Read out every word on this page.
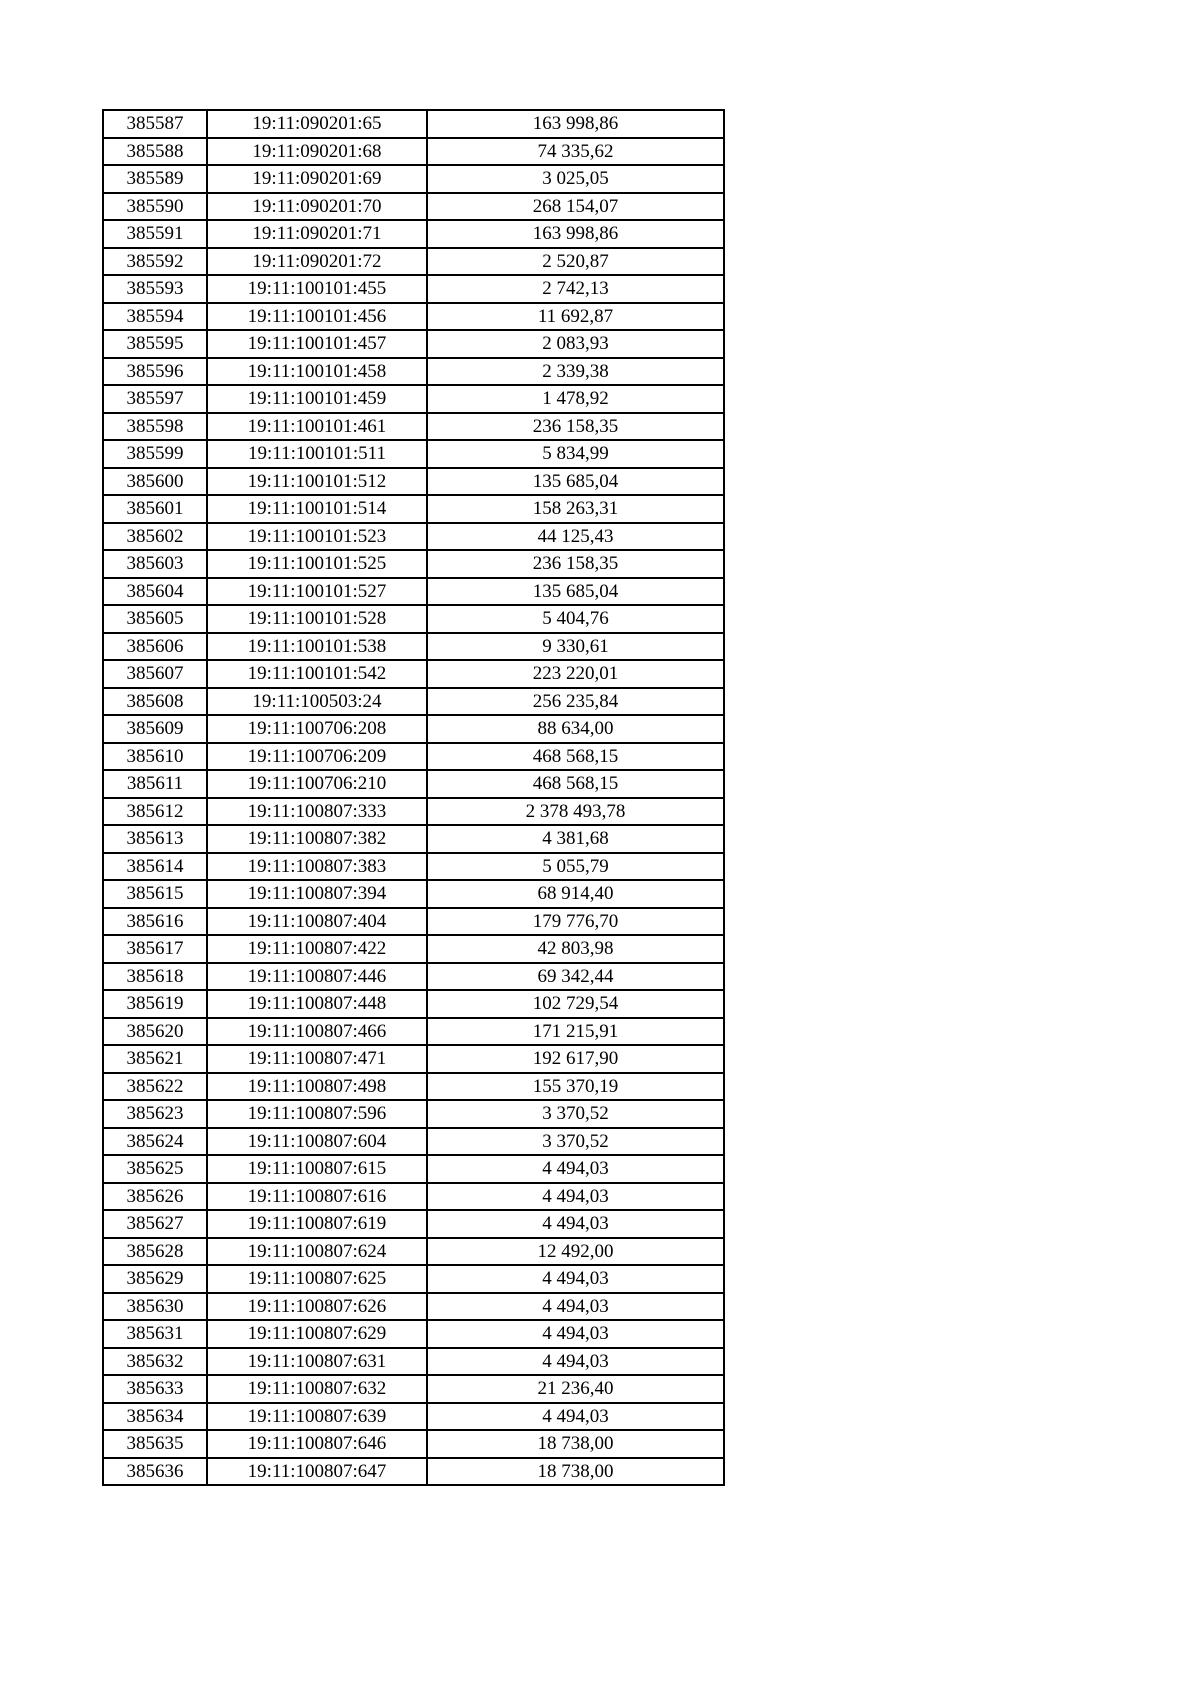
385587	19:11:090201:65	163 998,86
385588	19:11:090201:68	74 335,62
385589	19:11:090201:69	3 025,05
385590	19:11:090201:70	268 154,07
385591	19:11:090201:71	163 998,86
385592	19:11:090201:72	2 520,87
385593	19:11:100101:455	2 742,13
385594	19:11:100101:456	11 692,87
385595	19:11:100101:457	2 083,93
385596	19:11:100101:458	2 339,38
385597	19:11:100101:459	1 478,92
385598	19:11:100101:461	236 158,35
385599	19:11:100101:511	5 834,99
385600	19:11:100101:512	135 685,04
385601	19:11:100101:514	158 263,31
385602	19:11:100101:523	44 125,43
385603	19:11:100101:525	236 158,35
385604	19:11:100101:527	135 685,04
385605	19:11:100101:528	5 404,76
385606	19:11:100101:538	9 330,61
385607	19:11:100101:542	223 220,01
385608	19:11:100503:24	256 235,84
385609	19:11:100706:208	88 634,00
385610	19:11:100706:209	468 568,15
385611	19:11:100706:210	468 568,15
385612	19:11:100807:333	2 378 493,78
385613	19:11:100807:382	4 381,68
385614	19:11:100807:383	5 055,79
385615	19:11:100807:394	68 914,40
385616	19:11:100807:404	179 776,70
385617	19:11:100807:422	42 803,98
385618	19:11:100807:446	69 342,44
385619	19:11:100807:448	102 729,54
385620	19:11:100807:466	171 215,91
385621	19:11:100807:471	192 617,90
385622	19:11:100807:498	155 370,19
385623	19:11:100807:596	3 370,52
385624	19:11:100807:604	3 370,52
385625	19:11:100807:615	4 494,03
385626	19:11:100807:616	4 494,03
385627	19:11:100807:619	4 494,03
385628	19:11:100807:624	12 492,00
385629	19:11:100807:625	4 494,03
385630	19:11:100807:626	4 494,03
385631	19:11:100807:629	4 494,03
385632	19:11:100807:631	4 494,03
385633	19:11:100807:632	21 236,40
385634	19:11:100807:639	4 494,03
385635	19:11:100807:646	18 738,00
385636	19:11:100807:647	18 738,00
